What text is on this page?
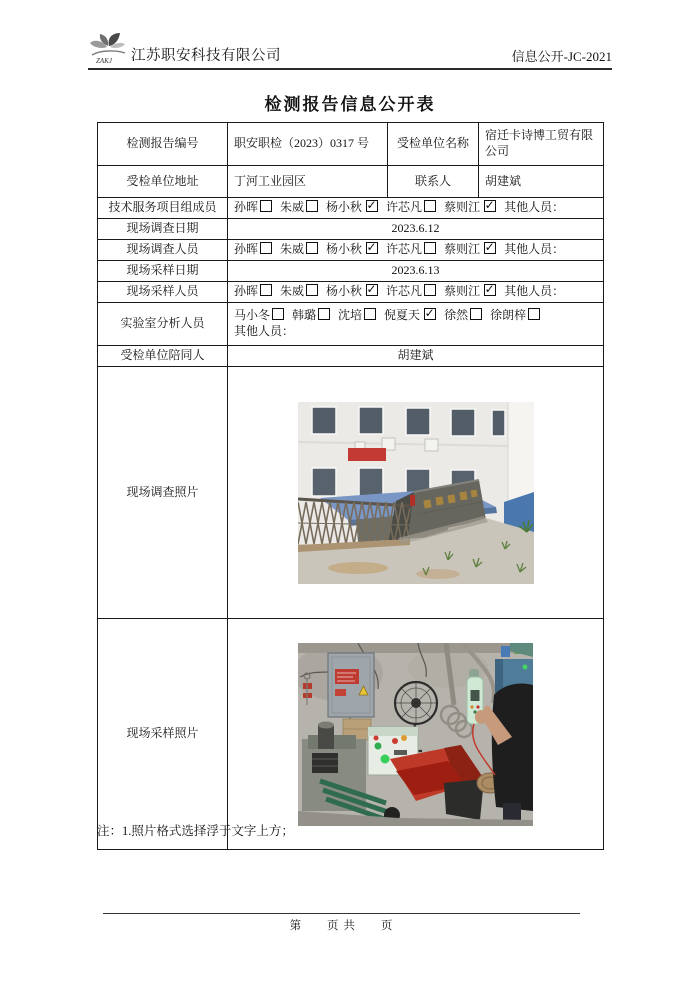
ZAKJ 江苏职安科技有限公司	信息公开-JC-2021
检测报告信息公开表
检测报告编号	职安职检（2023）0317 号	受检单位名称	宿迁卡诗博工贸有限公司
受检单位地址	丁河工业园区	联系人	胡建斌
技术服务项目组成员	孙晖 朱威 杨小秋 ✓ 许芯凡 蔡则江 ✓ 其他人员：
现场调查日期	2023.6.12		
现场调查人员	孙晖 朱威 杨小秋 ✓ 许芯凡 蔡则江 ✓ 其他人员：
现场采样日期	2023.6.13		
现场采样人员	孙晖 朱威 杨小秋 ✓ 许芯凡 蔡则江 ✓ 其他人员：
实验室分析人员	马小冬 韩璐 沈培 倪夏天 ✓ 徐然 徐朗梓
其他人员：

受检单位陪同人	胡建斌		
现场调查照片	
现场采样照片	
注：1.照片格式选择浮于文字上方；
第　　页 共　　页
